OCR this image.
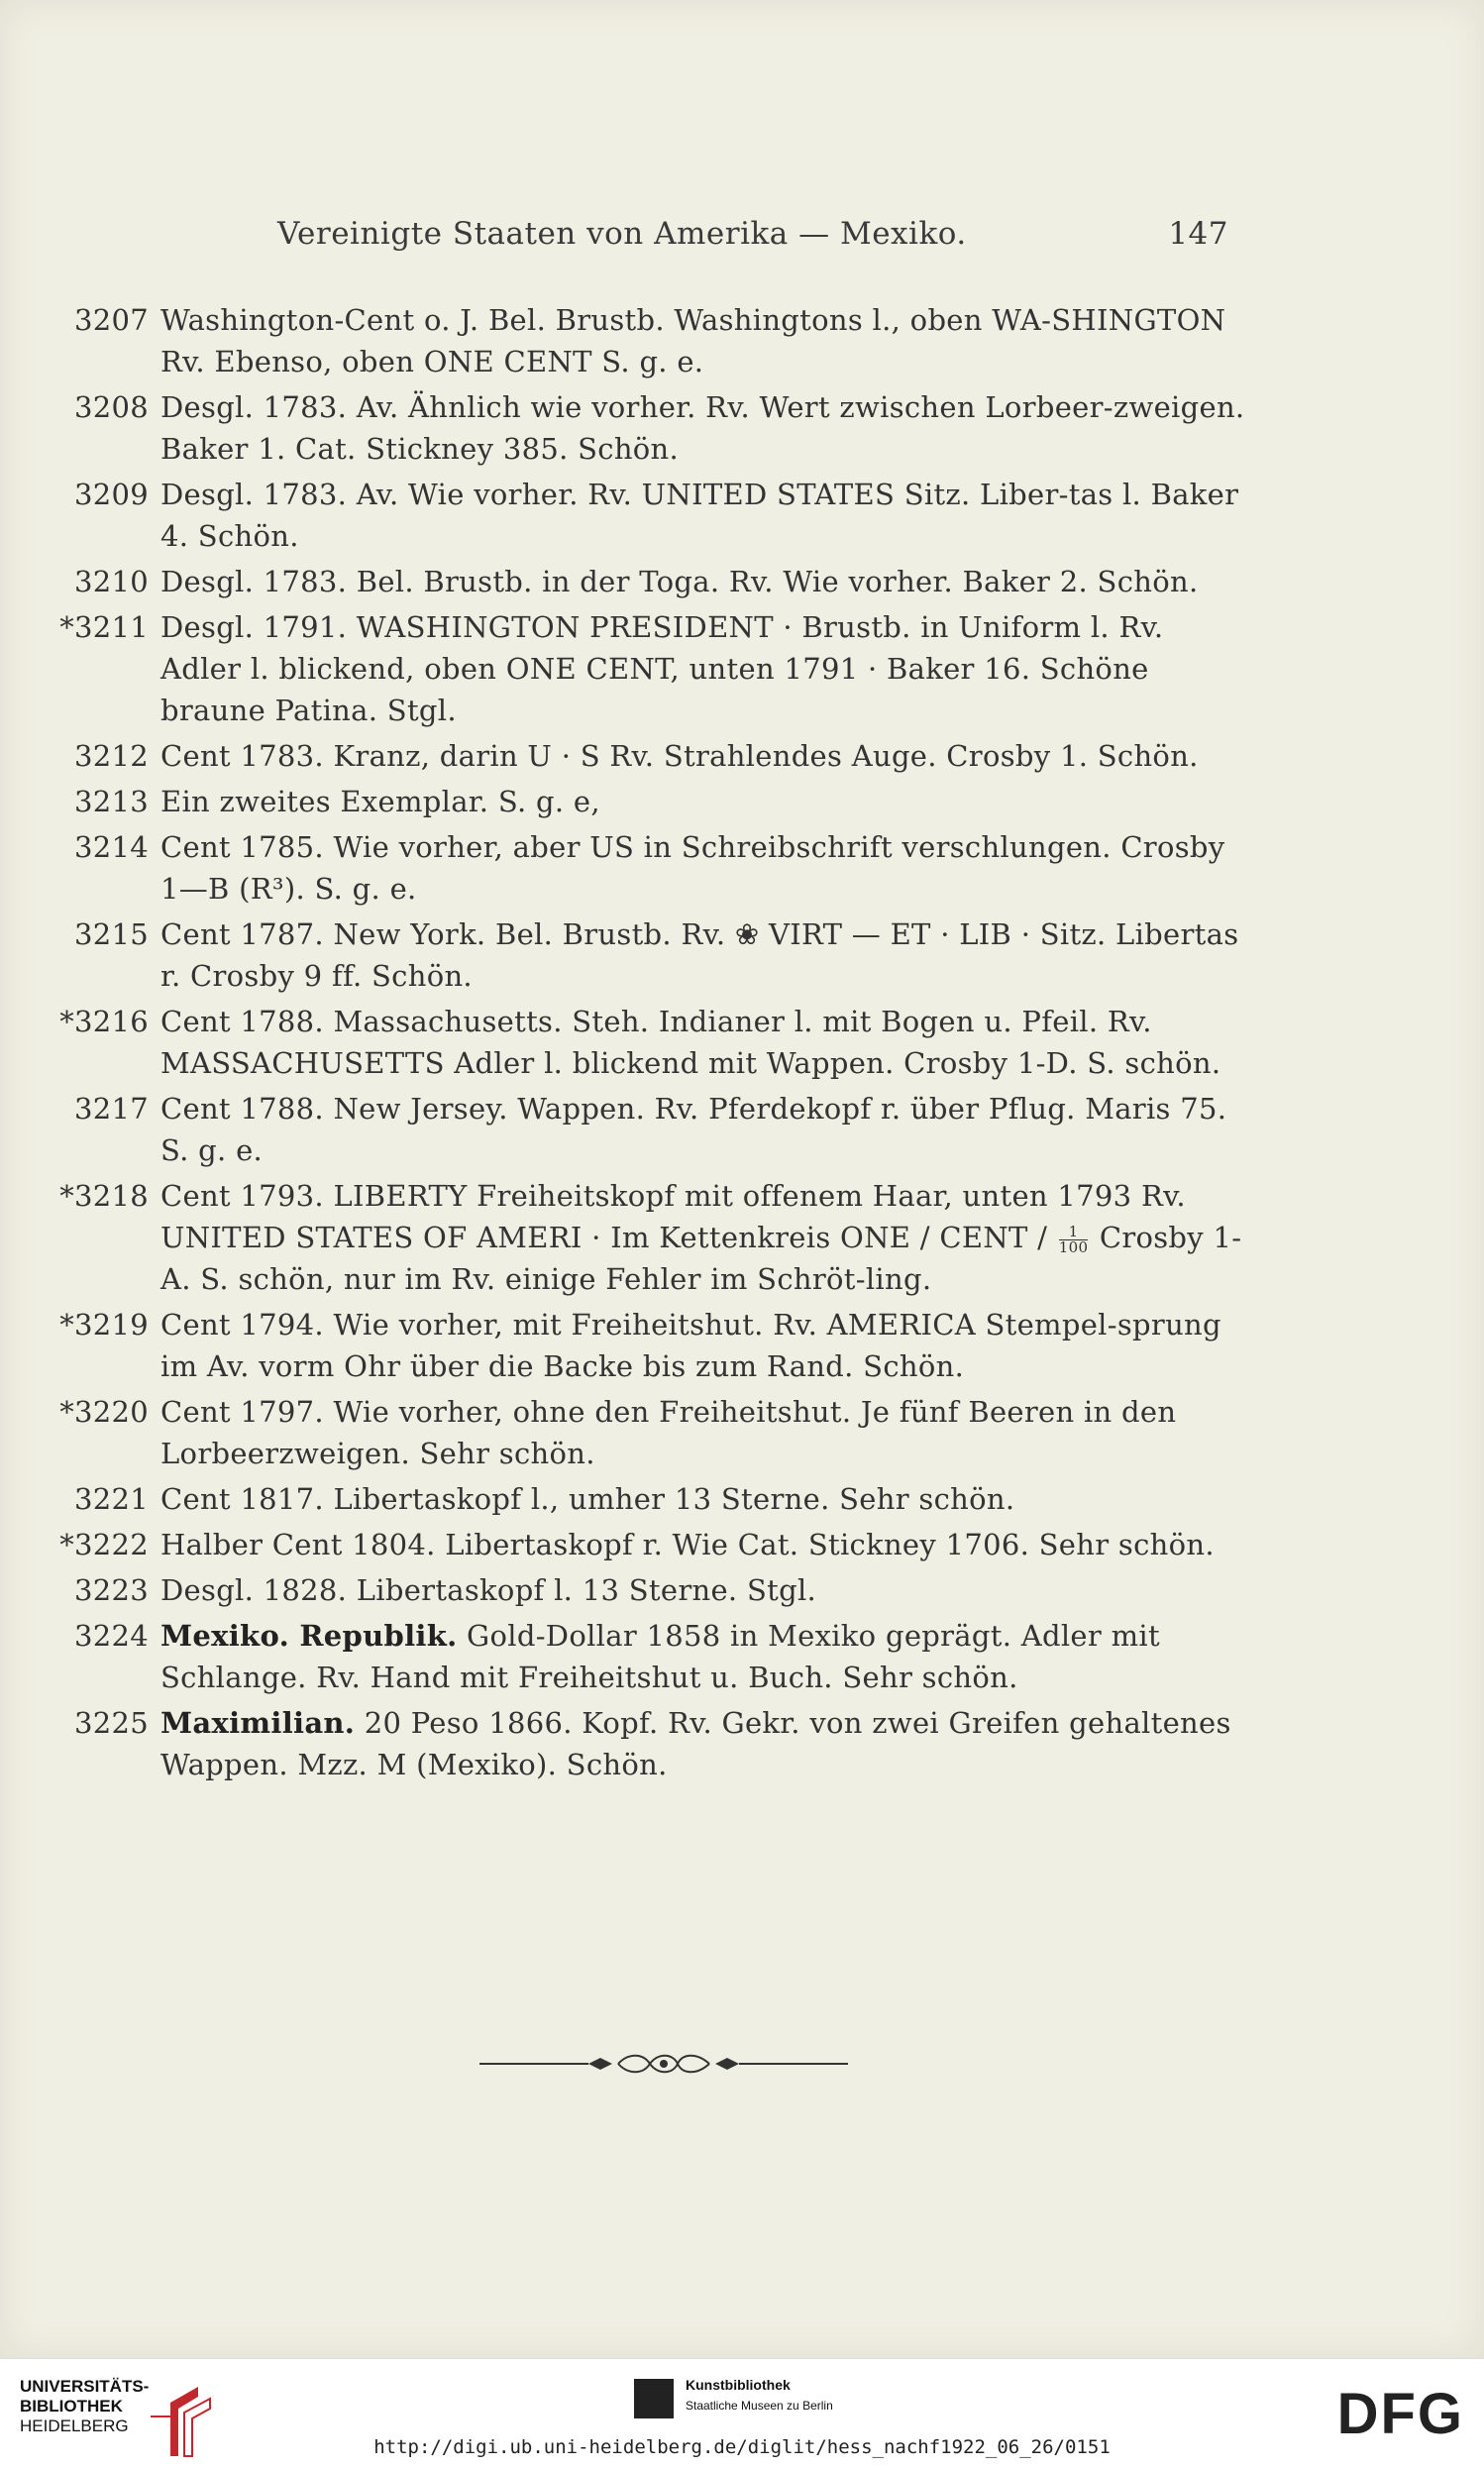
Vereinigte Staaten von Amerika — Mexiko.	147
3207 Washington-Cent o. J. Bel. Brustb. Washingtons l., oben WA-SHINGTON Rv. Ebenso, oben ONE CENT S. g. e.
3208 Desgl. 1783. Av. Ähnlich wie vorher. Rv. Wert zwischen Lorbeer-zweigen. Baker 1. Cat. Stickney 385. Schön.
3209 Desgl. 1783. Av. Wie vorher. Rv. UNITED STATES Sitz. Liber-tas l. Baker 4. Schön.
3210 Desgl. 1783. Bel. Brustb. in der Toga. Rv. Wie vorher. Baker 2. Schön.
*3211 Desgl. 1791. WASHINGTON PRESIDENT · Brustb. in Uniform l. Rv. Adler l. blickend, oben ONE CENT, unten 1791 · Baker 16. Schöne braune Patina. Stgl.
3212 Cent 1783. Kranz, darin U · S Rv. Strahlendes Auge. Crosby 1. Schön.
3213 Ein zweites Exemplar. S. g. e,
3214 Cent 1785. Wie vorher, aber US in Schreibschrift verschlungen. Crosby 1—B (R³). S. g. e.
3215 Cent 1787. New York. Bel. Brustb. Rv. ❀ VIRT — ET · LIB · Sitz. Libertas r. Crosby 9 ff. Schön.
*3216 Cent 1788. Massachusetts. Steh. Indianer l. mit Bogen u. Pfeil. Rv. MASSACHUSETTS Adler l. blickend mit Wappen. Crosby 1-D. S. schön.
3217 Cent 1788. New Jersey. Wappen. Rv. Pferdekopf r. über Pflug. Maris 75. S. g. e.
*3218 Cent 1793. LIBERTY Freiheitskopf mit offenem Haar, unten 1793 Rv. UNITED STATES OF AMERI · Im Kettenkreis ONE / CENT / $\frac{1}{100}$ Crosby 1-A. S. schön, nur im Rv. einige Fehler im Schröt-ling.
*3219 Cent 1794. Wie vorher, mit Freiheitshut. Rv. AMERICA Stempel-sprung im Av. vorm Ohr über die Backe bis zum Rand. Schön.
*3220 Cent 1797. Wie vorher, ohne den Freiheitshut. Je fünf Beeren in den Lorbeerzweigen. Sehr schön.
3221 Cent 1817. Libertaskopf l., umher 13 Sterne. Sehr schön.
*3222 Halber Cent 1804. Libertaskopf r. Wie Cat. Stickney 1706. Sehr schön.
3223 Desgl. 1828. Libertaskopf l. 13 Sterne. Stgl.
3224 Mexiko. Republik. Gold-Dollar 1858 in Mexiko geprägt. Adler mit Schlange. Rv. Hand mit Freiheitshut u. Buch. Sehr schön.
3225 Maximilian. 20 Peso 1866. Kopf. Rv. Gekr. von zwei Greifen gehaltenes Wappen. Mzz. M (Mexiko). Schön.
UNIVERSITÄTS-
BIBLIOTHEK
HEIDELBERG
Kunstbibliothek
Staatliche Museen zu Berlin	DFG
http://digi.ub.uni-heidelberg.de/diglit/hess_nachf1922_06_26/0151
